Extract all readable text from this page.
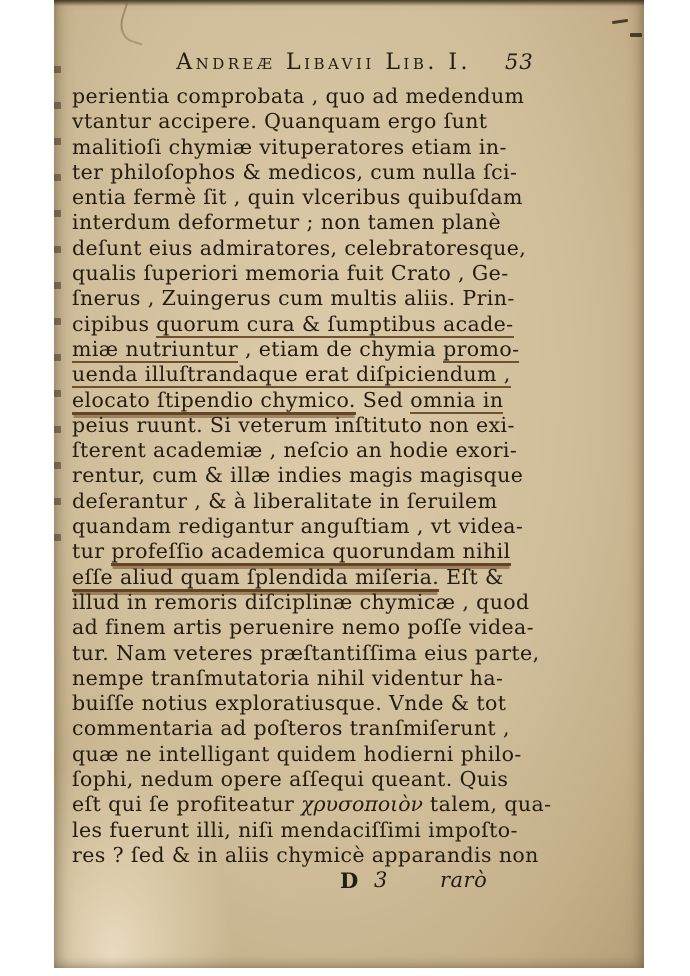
Andreæ Libavii Lib. I. 53
perientia comprobata , quo ad medendum
vtantur accipere. Quanquam ergo ſunt
malitioſi chymiæ vituperatores etiam in-
ter philoſophos & medicos, cum nulla ſci-
entia fermè ſit , quin vlceribus quibuſdam
interdum deformetur ; non tamen planè
deſunt eius admiratores, celebratoresque,
qualis ſuperiori memoria fuit Crato , Ge-
ſnerus , Zuingerus cum multis aliis. Prin-
cipibus quorum cura & ſumptibus acade-
miæ nutriuntur , etiam de chymia promo-
uenda illuſtrandaque erat diſpiciendum ,
elocato ſtipendio chymico. Sed omnia in
peius ruunt. Si veterum inſtituto non exi-
ſterent academiæ , neſcio an hodie exori-
rentur, cum & illæ indies magis magisque
deſerantur , & à liberalitate in ſeruilem
quandam redigantur anguſtiam , vt videa-
tur profeſſio academica quorundam nihil
eſſe aliud quam ſplendida miſeria. Eſt &
illud in remoris diſciplinæ chymicæ , quod
ad finem artis peruenire nemo poſſe videa-
tur. Nam veteres præſtantiſſima eius parte,
nempe tranſmutatoria nihil videntur ha-
buiſſe notius exploratiusque. Vnde & tot
commentaria ad poſteros tranſmiſerunt ,
quæ ne intelligant quidem hodierni philo-
ſophi, nedum opere aſſequi queant. Quis
eſt qui ſe profiteatur χρυσοποιὸν talem, qua-
les fuerunt illi, niſi mendaciſſimi impoſto-
res ? ſed & in aliis chymicè apparandis non
D 3	rarò
